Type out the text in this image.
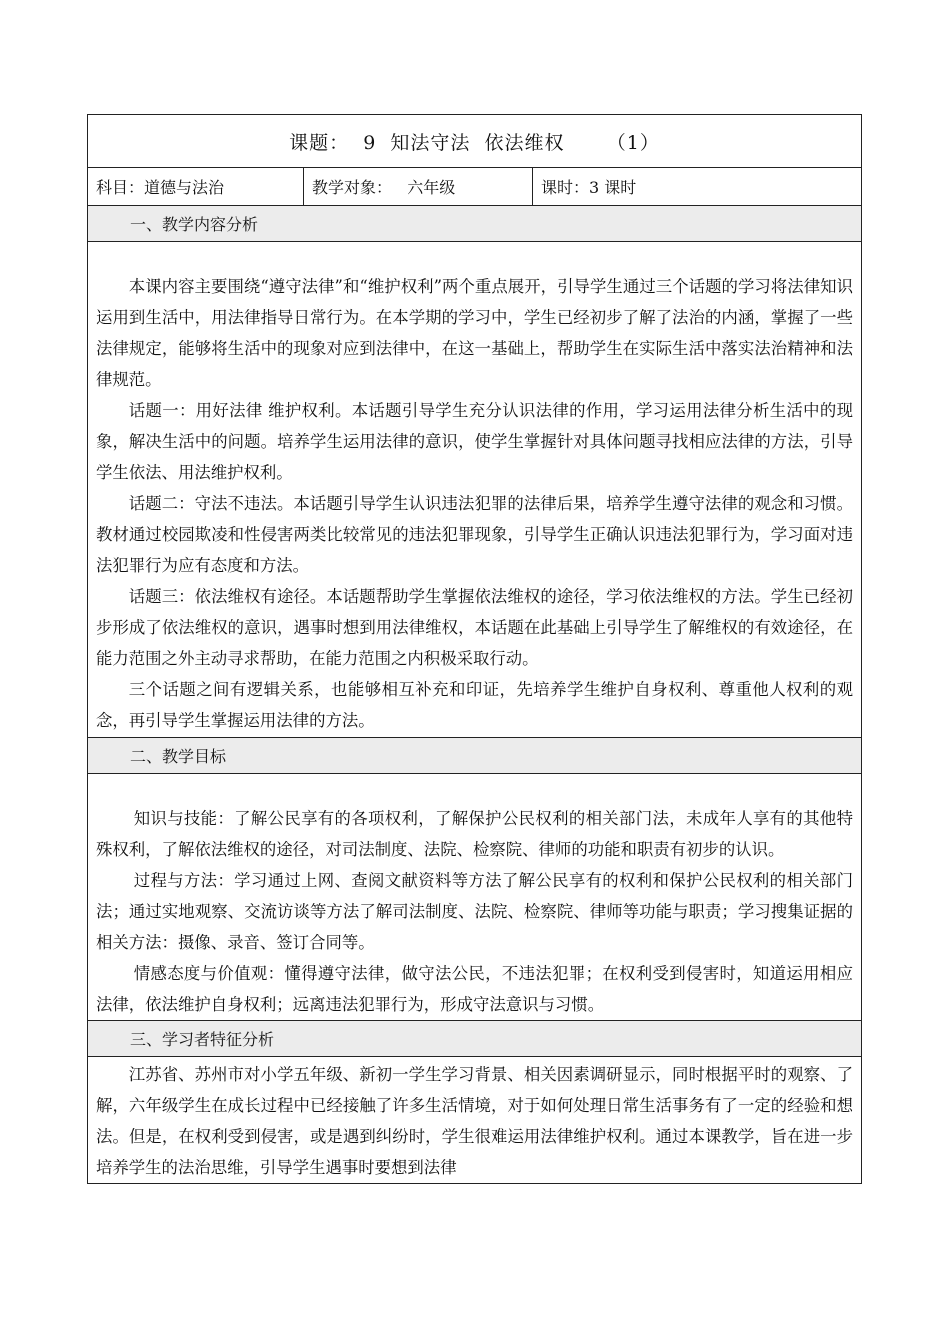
课题：  9  知法守法  依法维权      （1）
科目：道德与法治	教学对象：   六年级	课时：3 课时
一、教学内容分析

本课内容主要围绕“遵守法律”和“维护权利”两个重点展开，引导学生通过三个话题的学习将法律知识运用到生活中，用法律指导日常行为。在本学期的学习中，学生已经初步了解了法治的内涵，掌握了一些法律规定，能够将生活中的现象对应到法律中，在这一基础上，帮助学生在实际生活中落实法治精神和法律规范。

话题一：用好法律 维护权利。本话题引导学生充分认识法律的作用，学习运用法律分析生活中的现象，解决生活中的问题。培养学生运用法律的意识，使学生掌握针对具体问题寻找相应法律的方法，引导学生依法、用法维护权利。

话题二：守法不违法。本话题引导学生认识违法犯罪的法律后果，培养学生遵守法律的观念和习惯。教材通过校园欺凌和性侵害两类比较常见的违法犯罪现象，引导学生正确认识违法犯罪行为，学习面对违法犯罪行为应有态度和方法。

话题三：依法维权有途径。本话题帮助学生掌握依法维权的途径，学习依法维权的方法。学生已经初步形成了依法维权的意识，遇事时想到用法律维权，本话题在此基础上引导学生了解维权的有效途径，在能力范围之外主动寻求帮助，在能力范围之内积极采取行动。

三个话题之间有逻辑关系，也能够相互补充和印证，先培养学生维护自身权利、尊重他人权利的观念，再引导学生掌握运用法律的方法。

二、教学目标

知识与技能：了解公民享有的各项权利，了解保护公民权利的相关部门法，未成年人享有的其他特殊权利，了解依法维权的途径，对司法制度、法院、检察院、律师的功能和职责有初步的认识。

过程与方法：学习通过上网、查阅文献资料等方法了解公民享有的权利和保护公民权利的相关部门法；通过实地观察、交流访谈等方法了解司法制度、法院、检察院、律师等功能与职责；学习搜集证据的相关方法：摄像、录音、签订合同等。

情感态度与价值观：懂得遵守法律，做守法公民，不违法犯罪；在权利受到侵害时，知道运用相应法律，依法维护自身权利；远离违法犯罪行为，形成守法意识与习惯。

三、学习者特征分析

江苏省、苏州市对小学五年级、新初一学生学习背景、相关因素调研显示，同时根据平时的观察、了解，六年级学生在成长过程中已经接触了许多生活情境，对于如何处理日常生活事务有了一定的经验和想法。但是，在权利受到侵害，或是遇到纠纷时，学生很难运用法律维护权利。通过本课教学，旨在进一步培养学生的法治思维，引导学生遇事时要想到法律
